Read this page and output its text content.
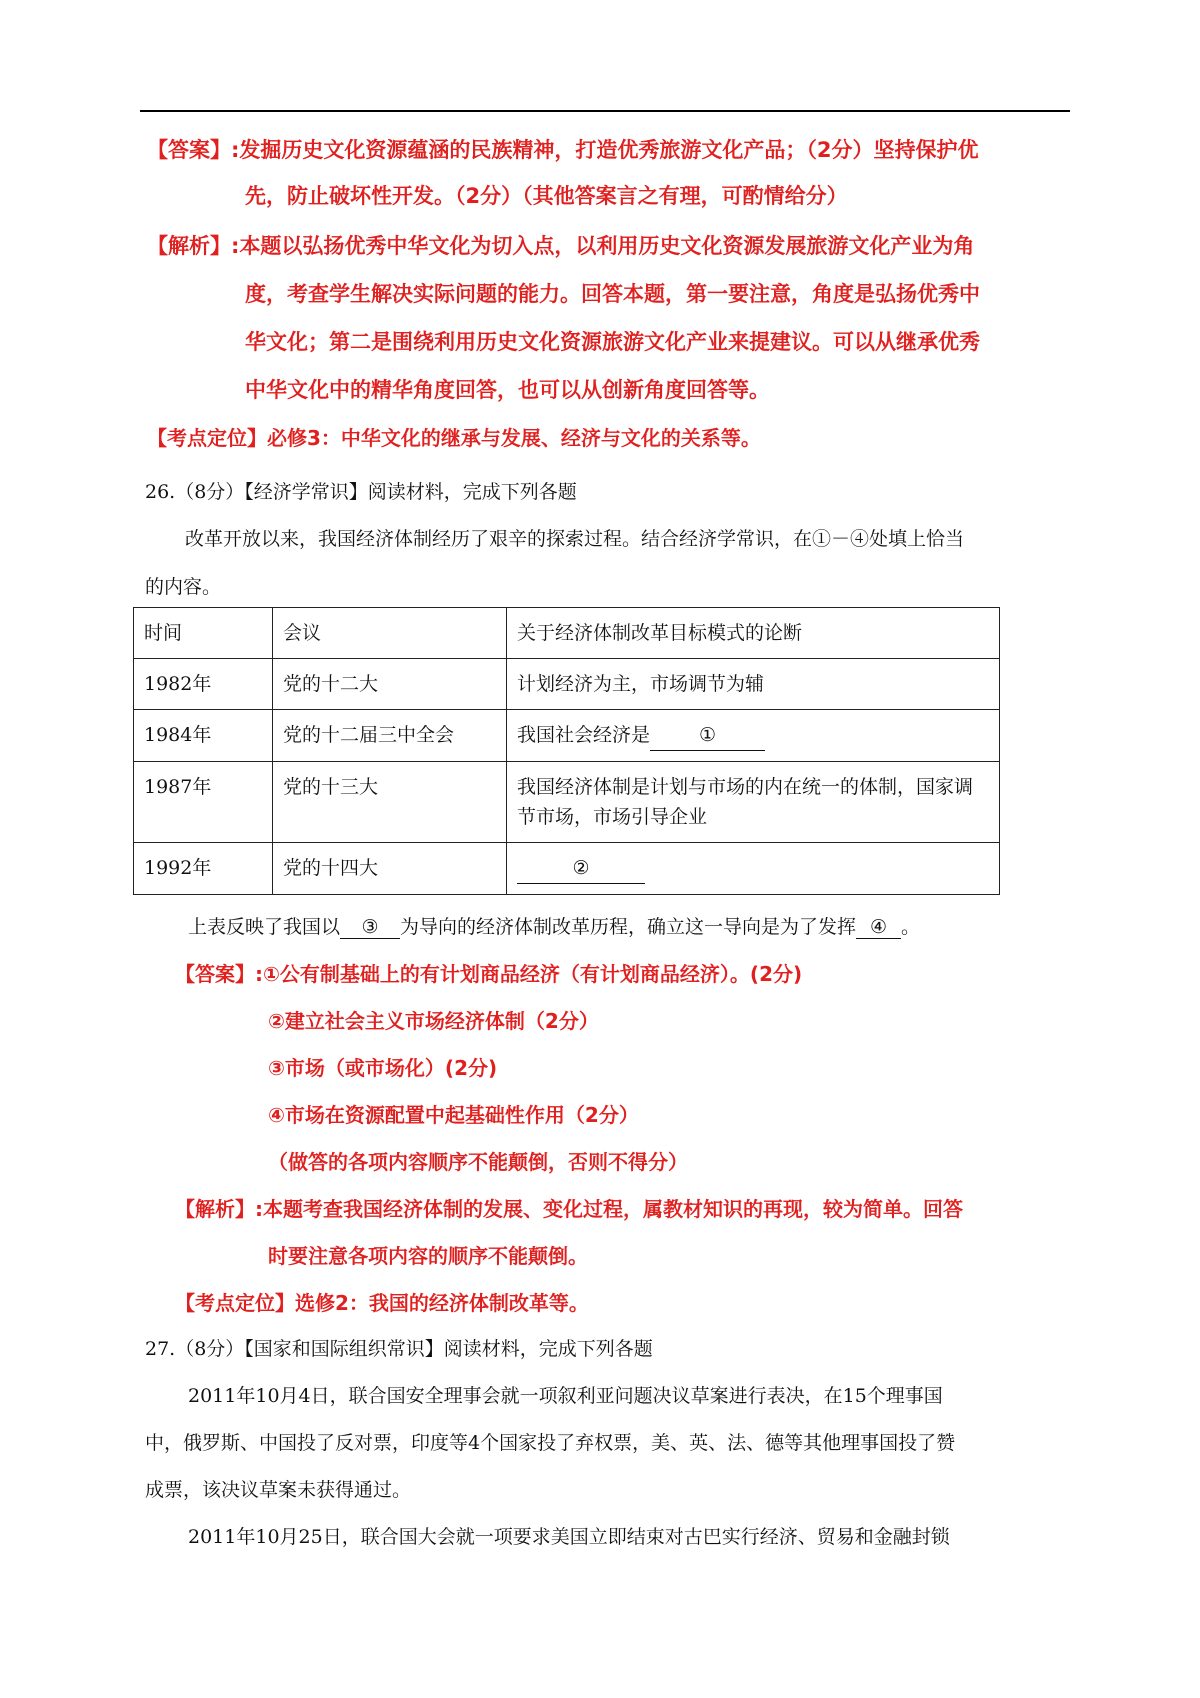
【答案】:发掘历史文化资源蕴涵的民族精神，打造优秀旅游文化产品；（2分）坚持保护优
先，防止破坏性开发。（2分）（其他答案言之有理，可酌情给分）
【解析】:本题以弘扬优秀中华文化为切入点，以利用历史文化资源发展旅游文化产业为角
度，考查学生解决实际问题的能力。回答本题，第一要注意，角度是弘扬优秀中
华文化；第二是围绕利用历史文化资源旅游文化产业来提建议。可以从继承优秀
中华文化中的精华角度回答，也可以从创新角度回答等。
【考点定位】必修3：中华文化的继承与发展、经济与文化的关系等。
26.（8分）【经济学常识】阅读材料，完成下列各题
改革开放以来，我国经济体制经历了艰辛的探索过程。结合经济学常识，在①－④处填上恰当
的内容。
时间	会议	关于经济体制改革目标模式的论断
1982年	党的十二大	计划经济为主，市场调节为辅
1984年	党的十二届三中全会	我国社会经济是 ①
1987年	党的十三大	我国经济体制是计划与市场的内在统一的体制，国家调节市场，市场引导企业
1992年	党的十四大	②
上表反映了我国以 ③ 为导向的经济体制改革历程，确立这一导向是为了发挥 ④ 。
【答案】:①公有制基础上的有计划商品经济（有计划商品经济）。(2分)
②建立社会主义市场经济体制（2分）
③市场（或市场化）(2分)
④市场在资源配置中起基础性作用（2分）
（做答的各项内容顺序不能颠倒，否则不得分）
【解析】:本题考查我国经济体制的发展、变化过程，属教材知识的再现，较为简单。回答
时要注意各项内容的顺序不能颠倒。
【考点定位】选修2：我国的经济体制改革等。
27.（8分）【国家和国际组织常识】阅读材料，完成下列各题
2011年10月4日，联合国安全理事会就一项叙利亚问题决议草案进行表决，在15个理事国
中，俄罗斯、中国投了反对票，印度等4个国家投了弃权票，美、英、法、德等其他理事国投了赞
成票，该决议草案未获得通过。
2011年10月25日，联合国大会就一项要求美国立即结束对古巴实行经济、贸易和金融封锁
